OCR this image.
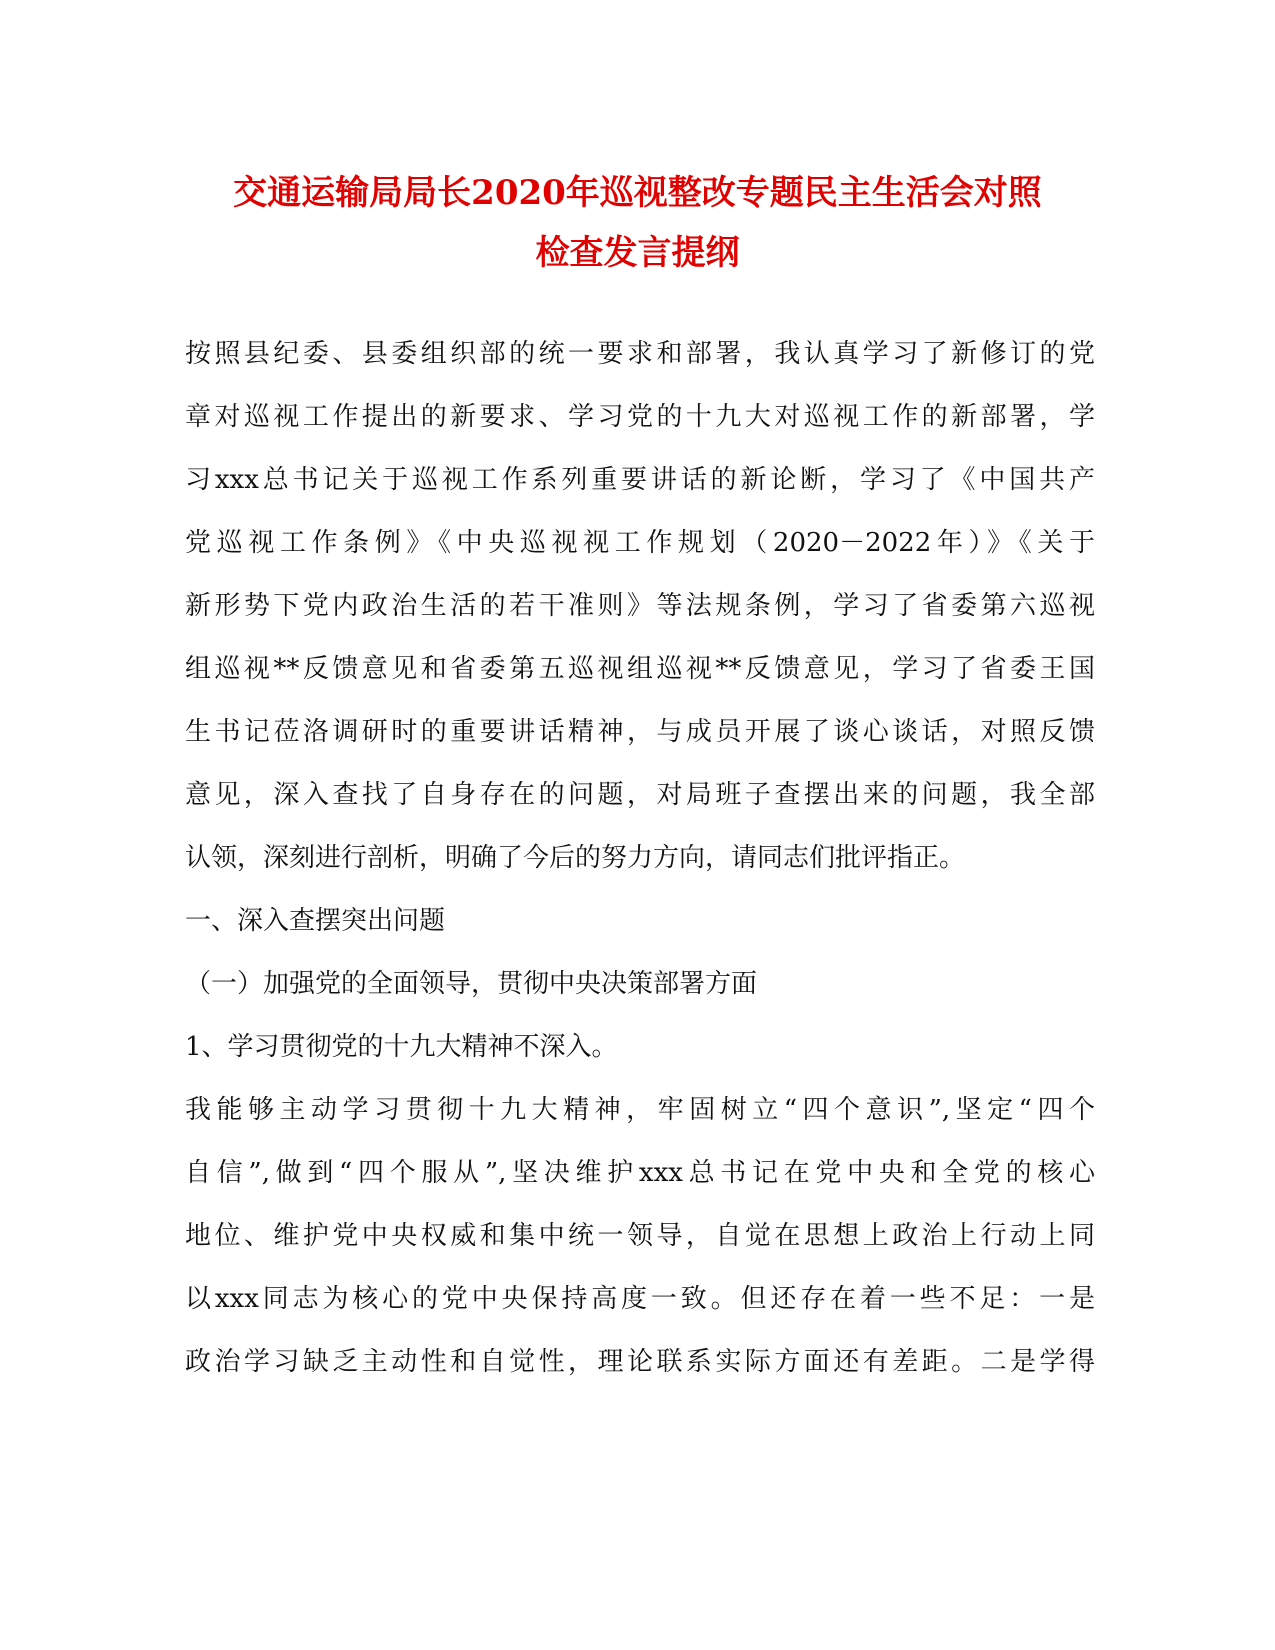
交通运输局局长2020年巡视整改专题民主生活会对照
检查发言提纲
按照县纪委、县委组织部的统一要求和部署，我认真学习了新修订的党
章对巡视工作提出的新要求、学习党的十九大对巡视工作的新部署，学
习xxx总书记关于巡视工作系列重要讲话的新论断，学习了《中国共产
党巡视工作条例》《中央巡视视工作规划（2020－2022年）》《关于
新形势下党内政治生活的若干准则》等法规条例，学习了省委第六巡视
组巡视**反馈意见和省委第五巡视组巡视**反馈意见，学习了省委王国
生书记莅洛调研时的重要讲话精神，与成员开展了谈心谈话，对照反馈
意见，深入查找了自身存在的问题，对局班子查摆出来的问题，我全部
认领，深刻进行剖析，明确了今后的努力方向，请同志们批评指正。
一、深入查摆突出问题
（一）加强党的全面领导，贯彻中央决策部署方面
1、学习贯彻党的十九大精神不深入。
我能够主动学习贯彻十九大精神，牢固树立“四个意识”,坚定“四个
自信”,做到“四个服从”,坚决维护xxx总书记在党中央和全党的核心
地位、维护党中央权威和集中统一领导，自觉在思想上政治上行动上同
以xxx同志为核心的党中央保持高度一致。但还存在着一些不足：一是
政治学习缺乏主动性和自觉性，理论联系实际方面还有差距。二是学得
